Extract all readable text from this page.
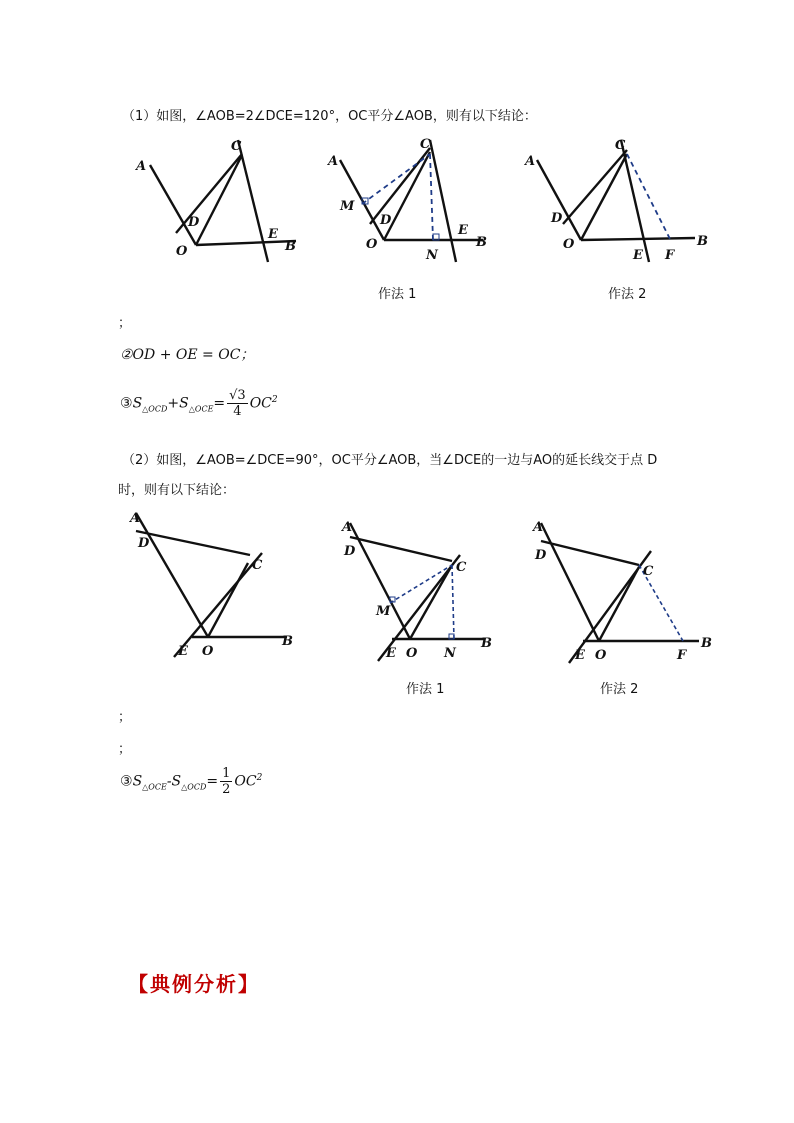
（1）如图，∠AOB=2∠DCE=120°，OC平分∠AOB，则有以下结论：
A
C
D
O
E
B
A
C
M
D
O
E
N
B
A
C
D
O
E F
B
作法 1	作法 2
；
②OD + OE = OC；
$③S_{\triangle OCD}+S_{\triangle OCE}= \frac{√3}{4} OC^2$
（2）如图，∠AOB=∠DCE=90°，OC平分∠AOB，当∠DCE的一边与AO的延长线交于点 D
时，则有以下结论：
A
D
C
E O
B
A
D
C
M
E O N
B
A
D
C
E O	F
B
作法 1	作法 2
；
；
$③S_{\triangle OCE}-S_{\triangle OCD}= \frac{1}{2} OC^2$
【典例分析】
